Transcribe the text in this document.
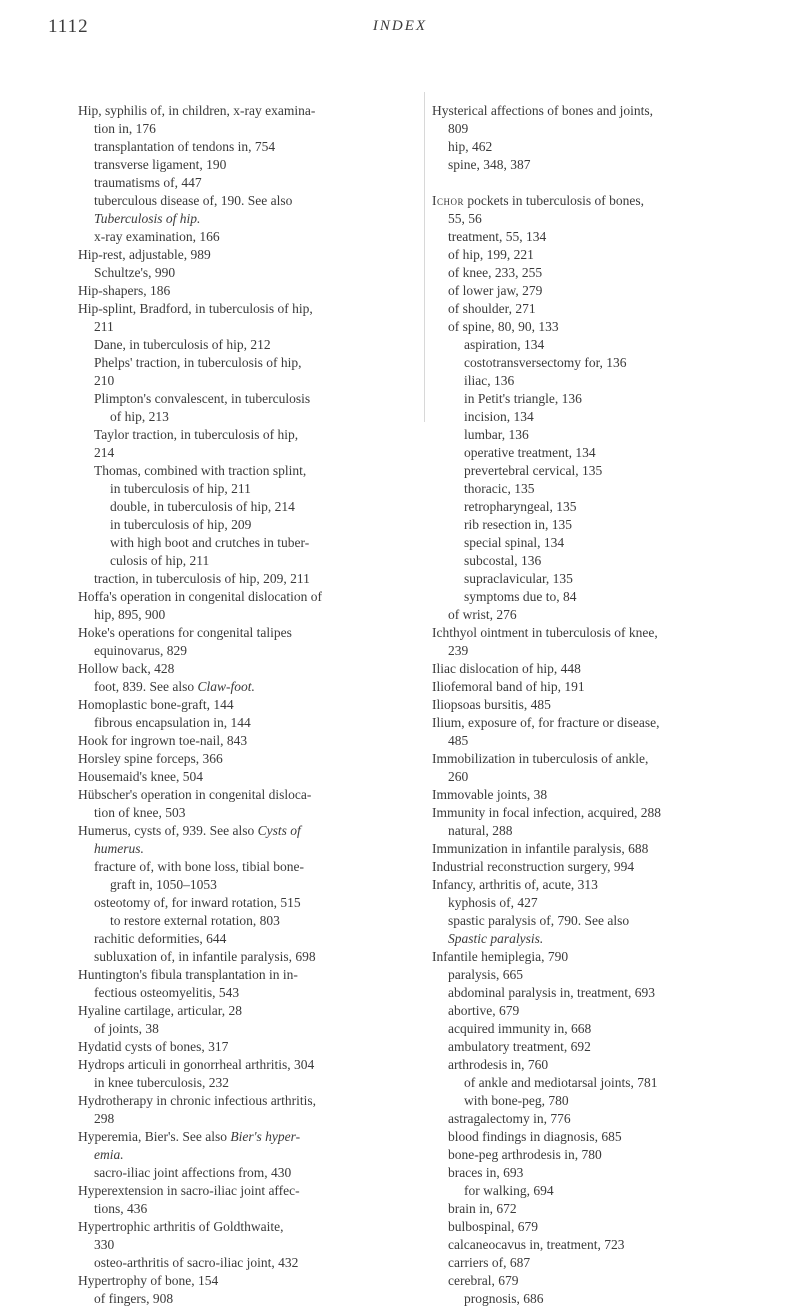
1112	INDEX
Hip, syphilis of, in children, x-ray examina-
tion in, 176
transplantation of tendons in, 754
transverse ligament, 190
traumatisms of, 447
tuberculous disease of, 190. See also
Tuberculosis of hip.
x-ray examination, 166
Hip-rest, adjustable, 989
Schultze's, 990
Hip-shapers, 186
Hip-splint, Bradford, in tuberculosis of hip,
211
Dane, in tuberculosis of hip, 212
Phelps' traction, in tuberculosis of hip,
210
Plimpton's convalescent, in tuberculosis
of hip, 213
Taylor traction, in tuberculosis of hip,
214
Thomas, combined with traction splint,
in tuberculosis of hip, 211
double, in tuberculosis of hip, 214
in tuberculosis of hip, 209
with high boot and crutches in tuber-
culosis of hip, 211
traction, in tuberculosis of hip, 209, 211
Hoffa's operation in congenital dislocation of
hip, 895, 900
Hoke's operations for congenital talipes
equinovarus, 829
Hollow back, 428
foot, 839. See also Claw-foot.
Homoplastic bone-graft, 144
fibrous encapsulation in, 144
Hook for ingrown toe-nail, 843
Horsley spine forceps, 366
Housemaid's knee, 504
Hübscher's operation in congenital disloca-
tion of knee, 503
Humerus, cysts of, 939. See also Cysts of
humerus.
fracture of, with bone loss, tibial bone-
graft in, 1050–1053
osteotomy of, for inward rotation, 515
to restore external rotation, 803
rachitic deformities, 644
subluxation of, in infantile paralysis, 698
Huntington's fibula transplantation in in-
fectious osteomyelitis, 543
Hyaline cartilage, articular, 28
of joints, 38
Hydatid cysts of bones, 317
Hydrops articuli in gonorrheal arthritis, 304
in knee tuberculosis, 232
Hydrotherapy in chronic infectious arthritis,
298
Hyperemia, Bier's. See also Bier's hyper-
emia.
sacro-iliac joint affections from, 430
Hyperextension in sacro-iliac joint affec-
tions, 436
Hypertrophic arthritis of Goldthwaite,
330
osteo-arthritis of sacro-iliac joint, 432
Hypertrophy of bone, 154
of fingers, 908
Hysterical affections of bones and joints,
809
hip, 462
spine, 348, 387
Ichor pockets in tuberculosis of bones,
55, 56
treatment, 55, 134
of hip, 199, 221
of knee, 233, 255
of lower jaw, 279
of shoulder, 271
of spine, 80, 90, 133
aspiration, 134
costotransversectomy for, 136
iliac, 136
in Petit's triangle, 136
incision, 134
lumbar, 136
operative treatment, 134
prevertebral cervical, 135
thoracic, 135
retropharyngeal, 135
rib resection in, 135
special spinal, 134
subcostal, 136
supraclavicular, 135
symptoms due to, 84
of wrist, 276
Ichthyol ointment in tuberculosis of knee,
239
Iliac dislocation of hip, 448
Iliofemoral band of hip, 191
Iliopsoas bursitis, 485
Ilium, exposure of, for fracture or disease,
485
Immobilization in tuberculosis of ankle,
260
Immovable joints, 38
Immunity in focal infection, acquired, 288
natural, 288
Immunization in infantile paralysis, 688
Industrial reconstruction surgery, 994
Infancy, arthritis of, acute, 313
kyphosis of, 427
spastic paralysis of, 790. See also
Spastic paralysis.
Infantile hemiplegia, 790
paralysis, 665
abdominal paralysis in, treatment, 693
abortive, 679
acquired immunity in, 668
ambulatory treatment, 692
arthrodesis in, 760
of ankle and mediotarsal joints, 781
with bone-peg, 780
astragalectomy in, 776
blood findings in diagnosis, 685
bone-peg arthrodesis in, 780
braces in, 693
for walking, 694
brain in, 672
bulbospinal, 679
calcaneocavus in, treatment, 723
carriers of, 687
cerebral, 679
prognosis, 686
